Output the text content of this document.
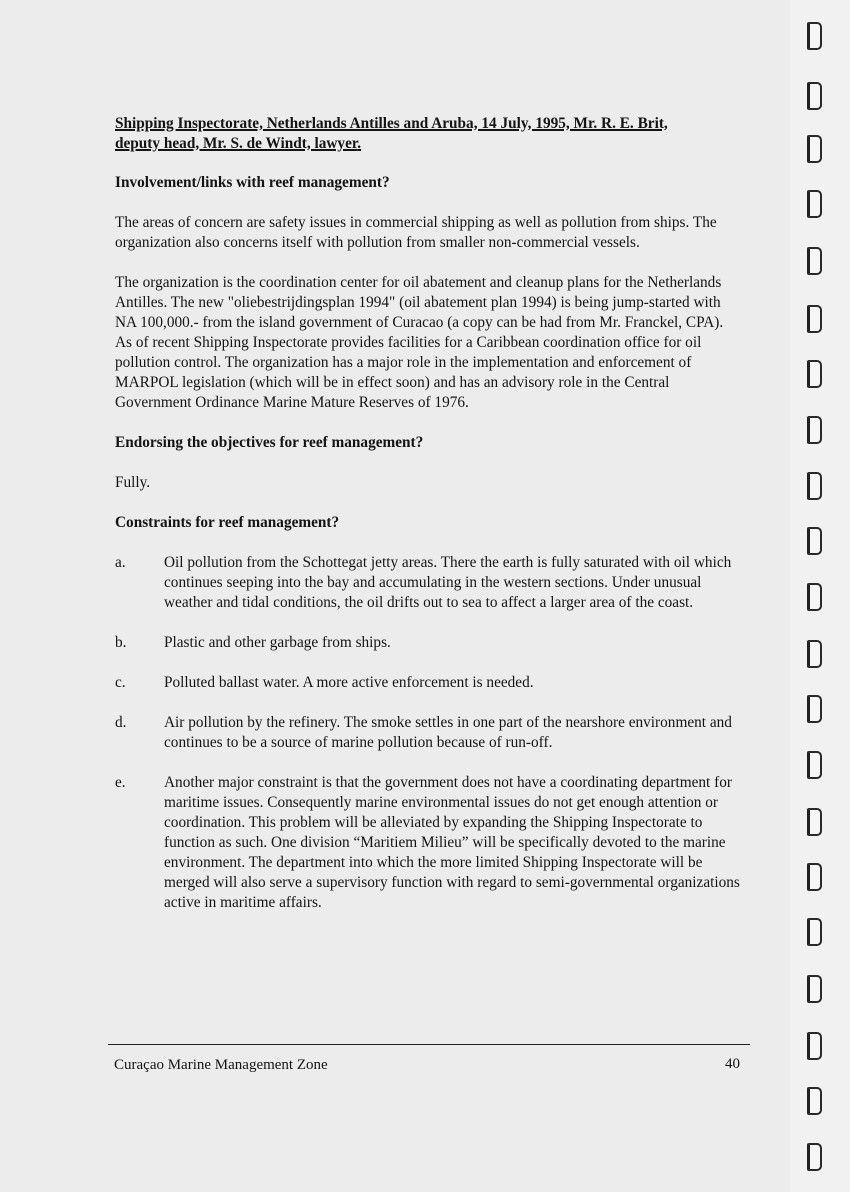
Shipping Inspectorate, Netherlands Antilles and Aruba, 14 July, 1995, Mr. R. E. Brit,
deputy head, Mr. S. de Windt, lawyer.

Involvement/links with reef management?

The areas of concern are safety issues in commercial shipping as well as pollution from ships. The organization also concerns itself with pollution from smaller non-commercial vessels.

The organization is the coordination center for oil abatement and cleanup plans for the Netherlands Antilles. The new "oliebestrijdingsplan 1994" (oil abatement plan 1994) is being jump-started with NA 100,000.- from the island government of Curacao (a copy can be had from Mr. Franckel, CPA). As of recent Shipping Inspectorate provides facilities for a Caribbean coordination office for oil pollution control. The organization has a major role in the implementation and enforcement of MARPOL legislation (which will be in effect soon) and has an advisory role in the Central Government Ordinance Marine Mature Reserves of 1976.

Endorsing the objectives for reef management?

Fully.

Constraints for reef management?

a.	Oil pollution from the Schottegat jetty areas. There the earth is fully saturated with oil which continues seeping into the bay and accumulating in the western sections. Under unusual weather and tidal conditions, the oil drifts out to sea to affect a larger area of the coast.

b. Plastic and other garbage from ships.

c.	Polluted ballast water. A more active enforcement is needed.

d. Air pollution by the refinery. The smoke settles in one part of the nearshore environment and continues to be a source of marine pollution because of run-off.

e.	Another major constraint is that the government does not have a coordinating department for maritime issues. Consequently marine environmental issues do not get enough attention or coordination. This problem will be alleviated by expanding the Shipping Inspectorate to function as such. One division “Maritiem Milieu” will be specifically devoted to the marine environment. The department into which the more limited Shipping Inspectorate will be merged will also serve a supervisory function with regard to semi-governmental organizations active in maritime affairs.

Curaçao Marine Management Zone	40
